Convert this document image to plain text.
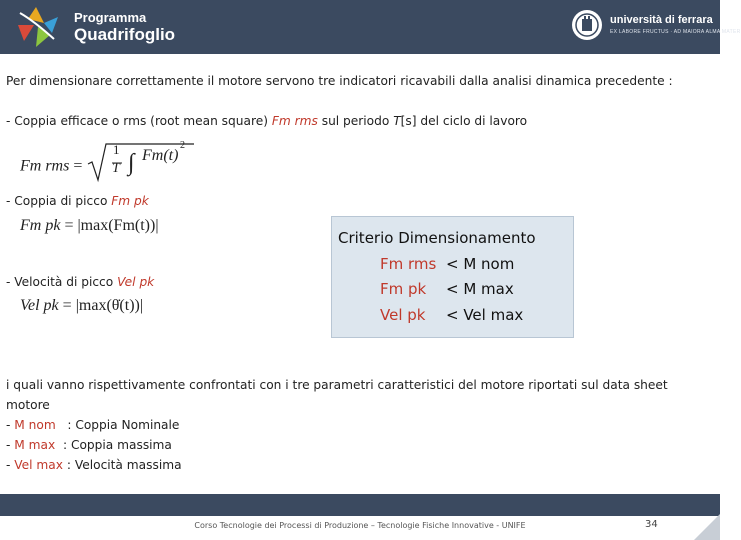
Programma
Quadrifoglio
università di ferrara
EX LABORE FRUCTUS · AD MAIORA ALMA MATER
Per dimensionare correttamente il motore servono tre indicatori ricavabili dalla analisi dinamica precedente :
- Coppia efficace o rms (root mean square) Fm rms sul periodo T[s] del ciclo di lavoro
Fm rms =
1
T ∫ Fm(t)
2
- Coppia di picco Fm pk
Fm pk = |max(Fm(t))|
- Velocità di picco Vel pk
Vel pk = |max(θ̇(t))|
Criterio Dimensionamento
Fm rms < M nom
Fm pk < M max
Vel pk < Vel max
i quali vanno rispettivamente confrontati con i tre parametri caratteristici del motore riportati sul data sheet
motore
- M nom   : Coppia Nominale
- M max  : Coppia massima
- Vel max : Velocità massima
Corso Tecnologie dei Processi di Produzione – Tecnologie Fisiche Innovative - UNIFE	34
